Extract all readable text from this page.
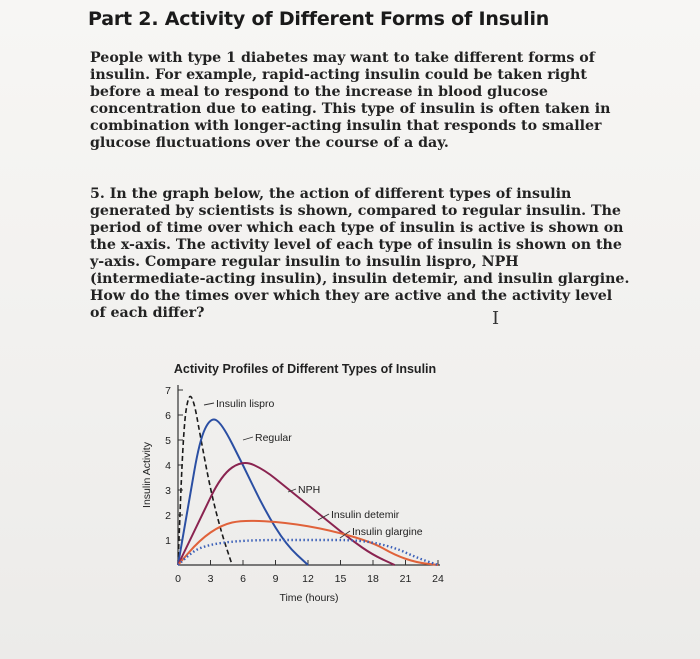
Part 2. Activity of Different Forms of Insulin
People with type 1 diabetes may want to take different forms of insulin. For example, rapid-acting insulin could be taken right before a meal to respond to the increase in blood glucose concentration due to eating. This type of insulin is often taken in combination with longer-acting insulin that responds to smaller glucose fluctuations over the course of a day.
5. In the graph below, the action of different types of insulin generated by scientists is shown, compared to regular insulin. The period of time over which each type of insulin is active is shown on the x-axis. The activity level of each type of insulin is shown on the y-axis. Compare regular insulin to insulin lispro, NPH (intermediate-acting insulin), insulin detemir, and insulin glargine. How do the times over which they are active and the activity level of each differ?	I
Activity Profiles of Different Types of Insulin
0	3	6	9 12 15 18 21 24
1
2
3
4
5
6
7
Insulin lispro
Regular
NPH
Insulin detemir
Insulin glargine
Time (hours)
Insulin Activity
